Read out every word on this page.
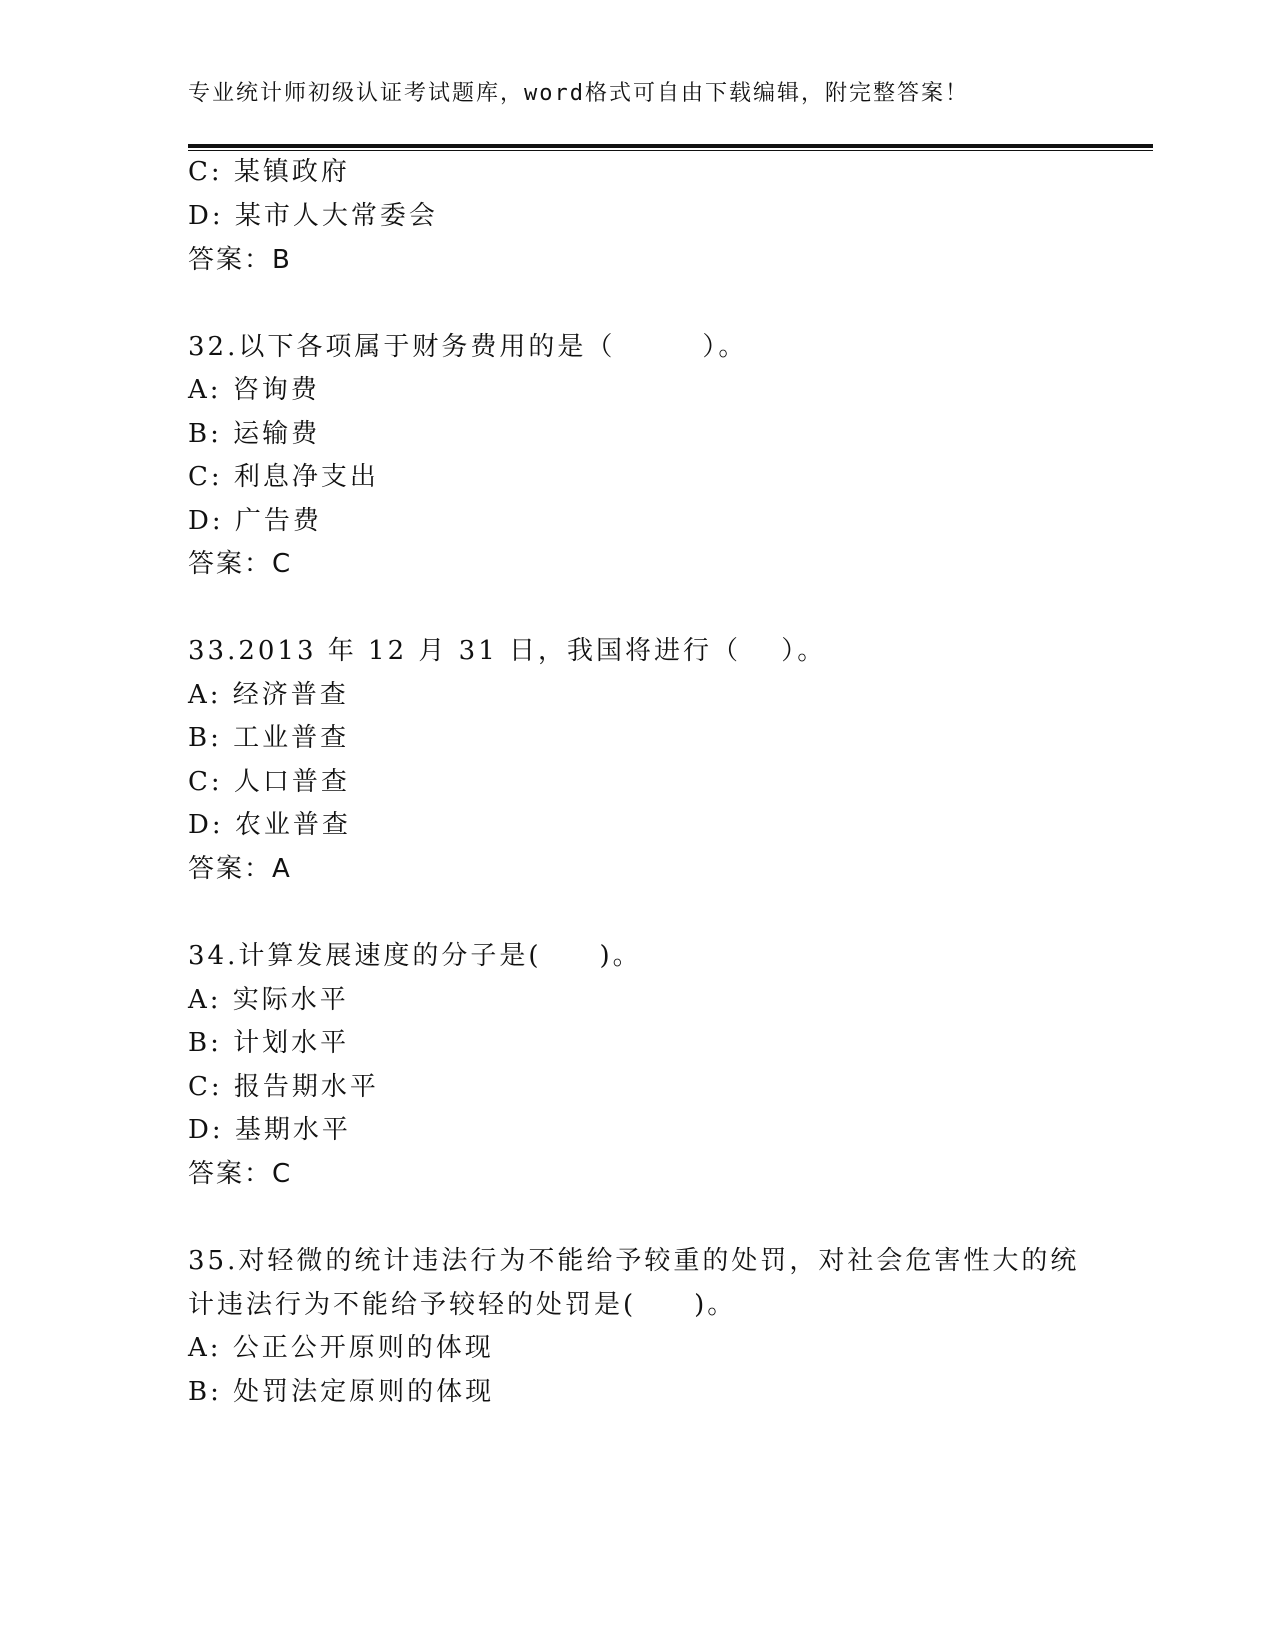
专业统计师初级认证考试题库，word格式可自由下载编辑，附完整答案！
C: 某镇政府
D: 某市人大常委会
答案：B
32.以下各项属于财务费用的是（　　　）。
A: 咨询费
B: 运输费
C: 利息净支出
D: 广告费
答案：C
33.2013 年 12 月 31 日，我国将进行（　 ）。
A: 经济普查
B: 工业普查
C: 人口普查
D: 农业普查
答案：A
34.计算发展速度的分子是(　　)。
A: 实际水平
B: 计划水平
C: 报告期水平
D: 基期水平
答案：C
35.对轻微的统计违法行为不能给予较重的处罚，对社会危害性大的统
计违法行为不能给予较轻的处罚是(　　)。
A: 公正公开原则的体现
B: 处罚法定原则的体现
